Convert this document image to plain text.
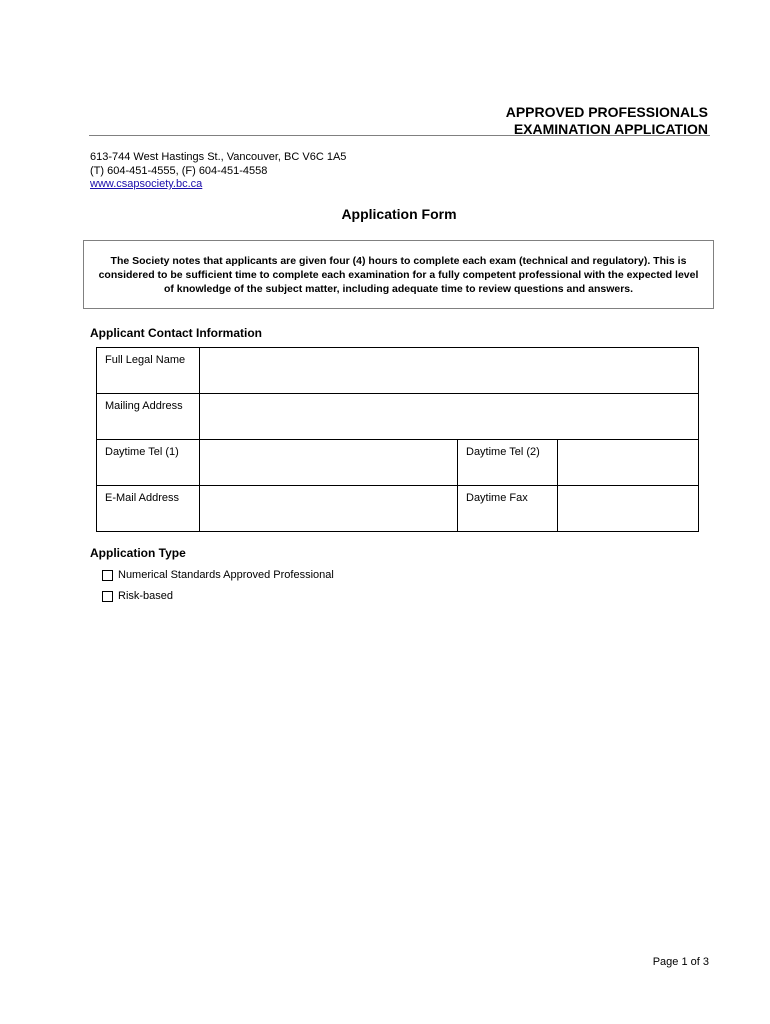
APPROVED PROFESSIONALS
EXAMINATION APPLICATION
613-744 West Hastings St., Vancouver, BC V6C 1A5
(T) 604-451-4555, (F) 604-451-4558
www.csapsociety.bc.ca
Application Form
The Society notes that applicants are given four (4) hours to complete each exam (technical and regulatory). This is considered to be sufficient time to complete each examination for a fully competent professional with the expected level of knowledge of the subject matter, including adequate time to review questions and answers.
Applicant Contact Information
Full Legal Name			
Mailing Address			
Daytime Tel (1)		Daytime Tel (2)	
E-Mail Address		Daytime Fax	
Application Type
Numerical Standards Approved Professional
Risk-based
Page 1 of 3
